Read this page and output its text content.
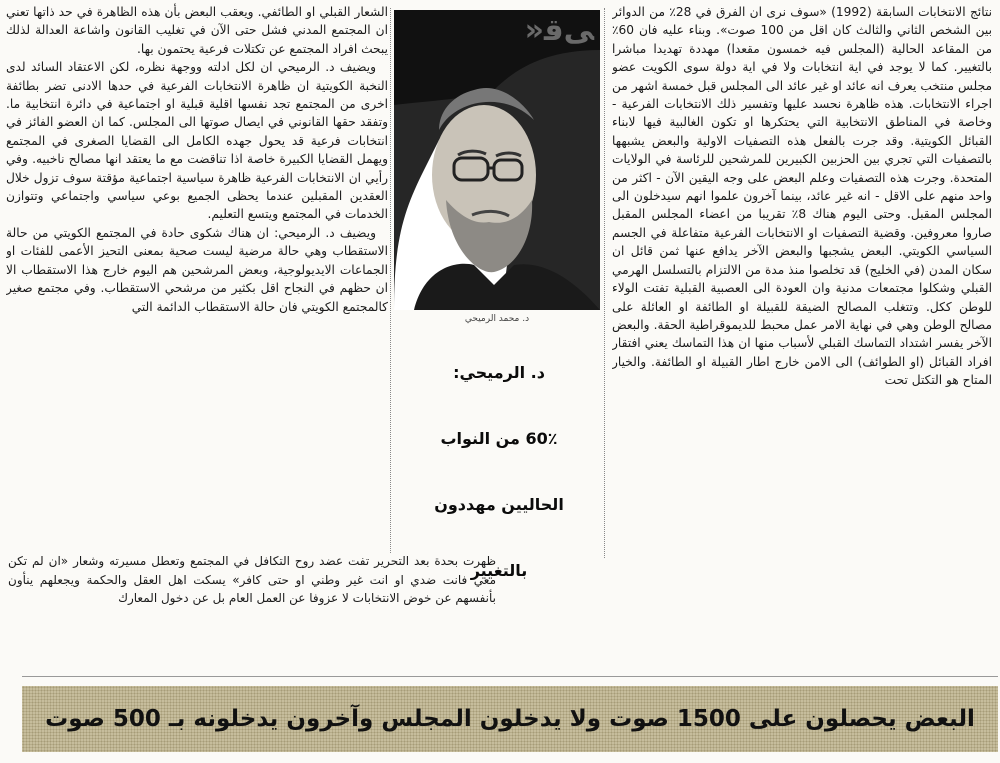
نتائج الانتخابات السابقة (1992) «سوف نرى ان الفرق في 28٪ من الدوائر بين الشخص الثاني والثالث كان اقل من 100 صوت». وبناء عليه فان 60٪ من المقاعد الحالية (المجلس فيه خمسون مقعدا) مهددة تهديدا مباشرا بالتغيير. كما لا يوجد في اية انتخابات ولا في اية دولة سوى الكويت عضو مجلس منتخب يعرف انه عائد او غير عائد الى المجلس قبل خمسة اشهر من اجراء الانتخابات. هذه ظاهرة نحسد عليها وتفسير ذلك الانتخابات الفرعية - وخاصة في المناطق الانتخابية التي يحتكرها او تكون الغالبية فيها لابناء القبائل الكويتية. وقد جرت بالفعل هذه التصفيات الاولية والبعض يشبهها بالتصفيات التي تجري بين الحزبين الكبيرين للمرشحين للرئاسة في الولايات المتحدة. وجرت هذه التصفيات وعلم البعض على وجه اليقين الآن - اكثر من واحد منهم على الاقل - انه غير عائد، بينما آخرون علموا انهم سيدخلون الى المجلس المقبل. وحتى اليوم هناك 8٪ تقريبا من اعضاء المجلس المقبل صاروا معروفين. وقضية التصفيات او الانتخابات الفرعية متفاعلة في الجسم السياسي الكويتي. البعض يشجبها والبعض الآخر يدافع عنها ثمن قائل ان سكان المدن (في الخليج) قد تخلصوا منذ مدة من الالتزام بالتسلسل الهرمي القبلي وشكلوا مجتمعات مدنية وان العودة الى العصبية القبلية تفتت الولاء للوطن ككل. وتتغلب المصالح الضيقة للقبيلة او الطائفة او العائلة على مصالح الوطن وهي في نهاية الامر عمل محبط للديموقراطية الحقة. والبعض الآخر يفسر اشتداد التماسك القبلي لأسباب منها ان هذا التماسك يعني افتقار افراد القبائل (او الطوائف) الى الامن خارج اطار القبيلة او الطائفة. والخيار المتاح هو التكتل تحت

»ﻰﻗ
د. محمد الرميحي
د. الرميحي:
60٪ من النواب
الحاليين مهددون
بالتغيير

الشعار القبلي او الطائفي. ويعقب البعض بأن هذه الظاهرة في حد ذاتها تعني ان المجتمع المدني فشل حتى الآن في تغليب القانون واشاعة العدالة لذلك يبحث افراد المجتمع عن تكتلات فرعية يحتمون بها.

ويضيف د. الرميحي ان لكل ادلته ووجهة نظره، لكن الاعتقاد السائد لدى النخبة الكويتية ان ظاهرة الانتخابات الفرعية في حدها الادنى تضر بطائفة اخرى من المجتمع تجد نفسها اقلية قبلية او اجتماعية في دائرة انتخابية ما. وتفقد حقها القانوني في ايصال صوتها الى المجلس. كما ان العضو الفائز في انتخابات فرعية قد يحول جهده الكامل الى القضايا الصغرى في المجتمع ويهمل القضايا الكبيرة خاصة اذا تناقضت مع ما يعتقد انها مصالح ناخبيه. وفي رأيي ان الانتخابات الفرعية ظاهرة سياسية اجتماعية مؤقتة سوف تزول خلال العقدين المقبلين عندما يحظى الجميع بوعي سياسي واجتماعي وتتوازن الخدمات في المجتمع ويتسع التعليم.

ويضيف د. الرميحي: ان هناك شكوى حادة في المجتمع الكويتي من حالة الاستقطاب وهي حالة مرضية ليست صحية بمعنى التحيز الأعمى للفئات او الجماعات الايديولوجية، وبعض المرشحين هم اليوم خارج هذا الاستقطاب الا ان حظهم في النجاح اقل بكثير من مرشحي الاستقطاب. وفي مجتمع صغير كالمجتمع الكويتي فان حالة الاستقطاب الدائمة التي

ظهرت بحدة بعد التحرير تفت عضد روح التكافل في المجتمع وتعطل مسيرته وشعار «ان لم تكن معي فانت ضدي او انت غير وطني او حتى كافر» يسكت اهل العقل والحكمة ويجعلهم ينأون بأنفسهم عن خوض الانتخابات لا عزوفا عن العمل العام بل عن دخول المعارك

البعض يحصلون على 1500 صوت ولا يدخلون المجلس وآخرون يدخلونه بـ 500 صوت
